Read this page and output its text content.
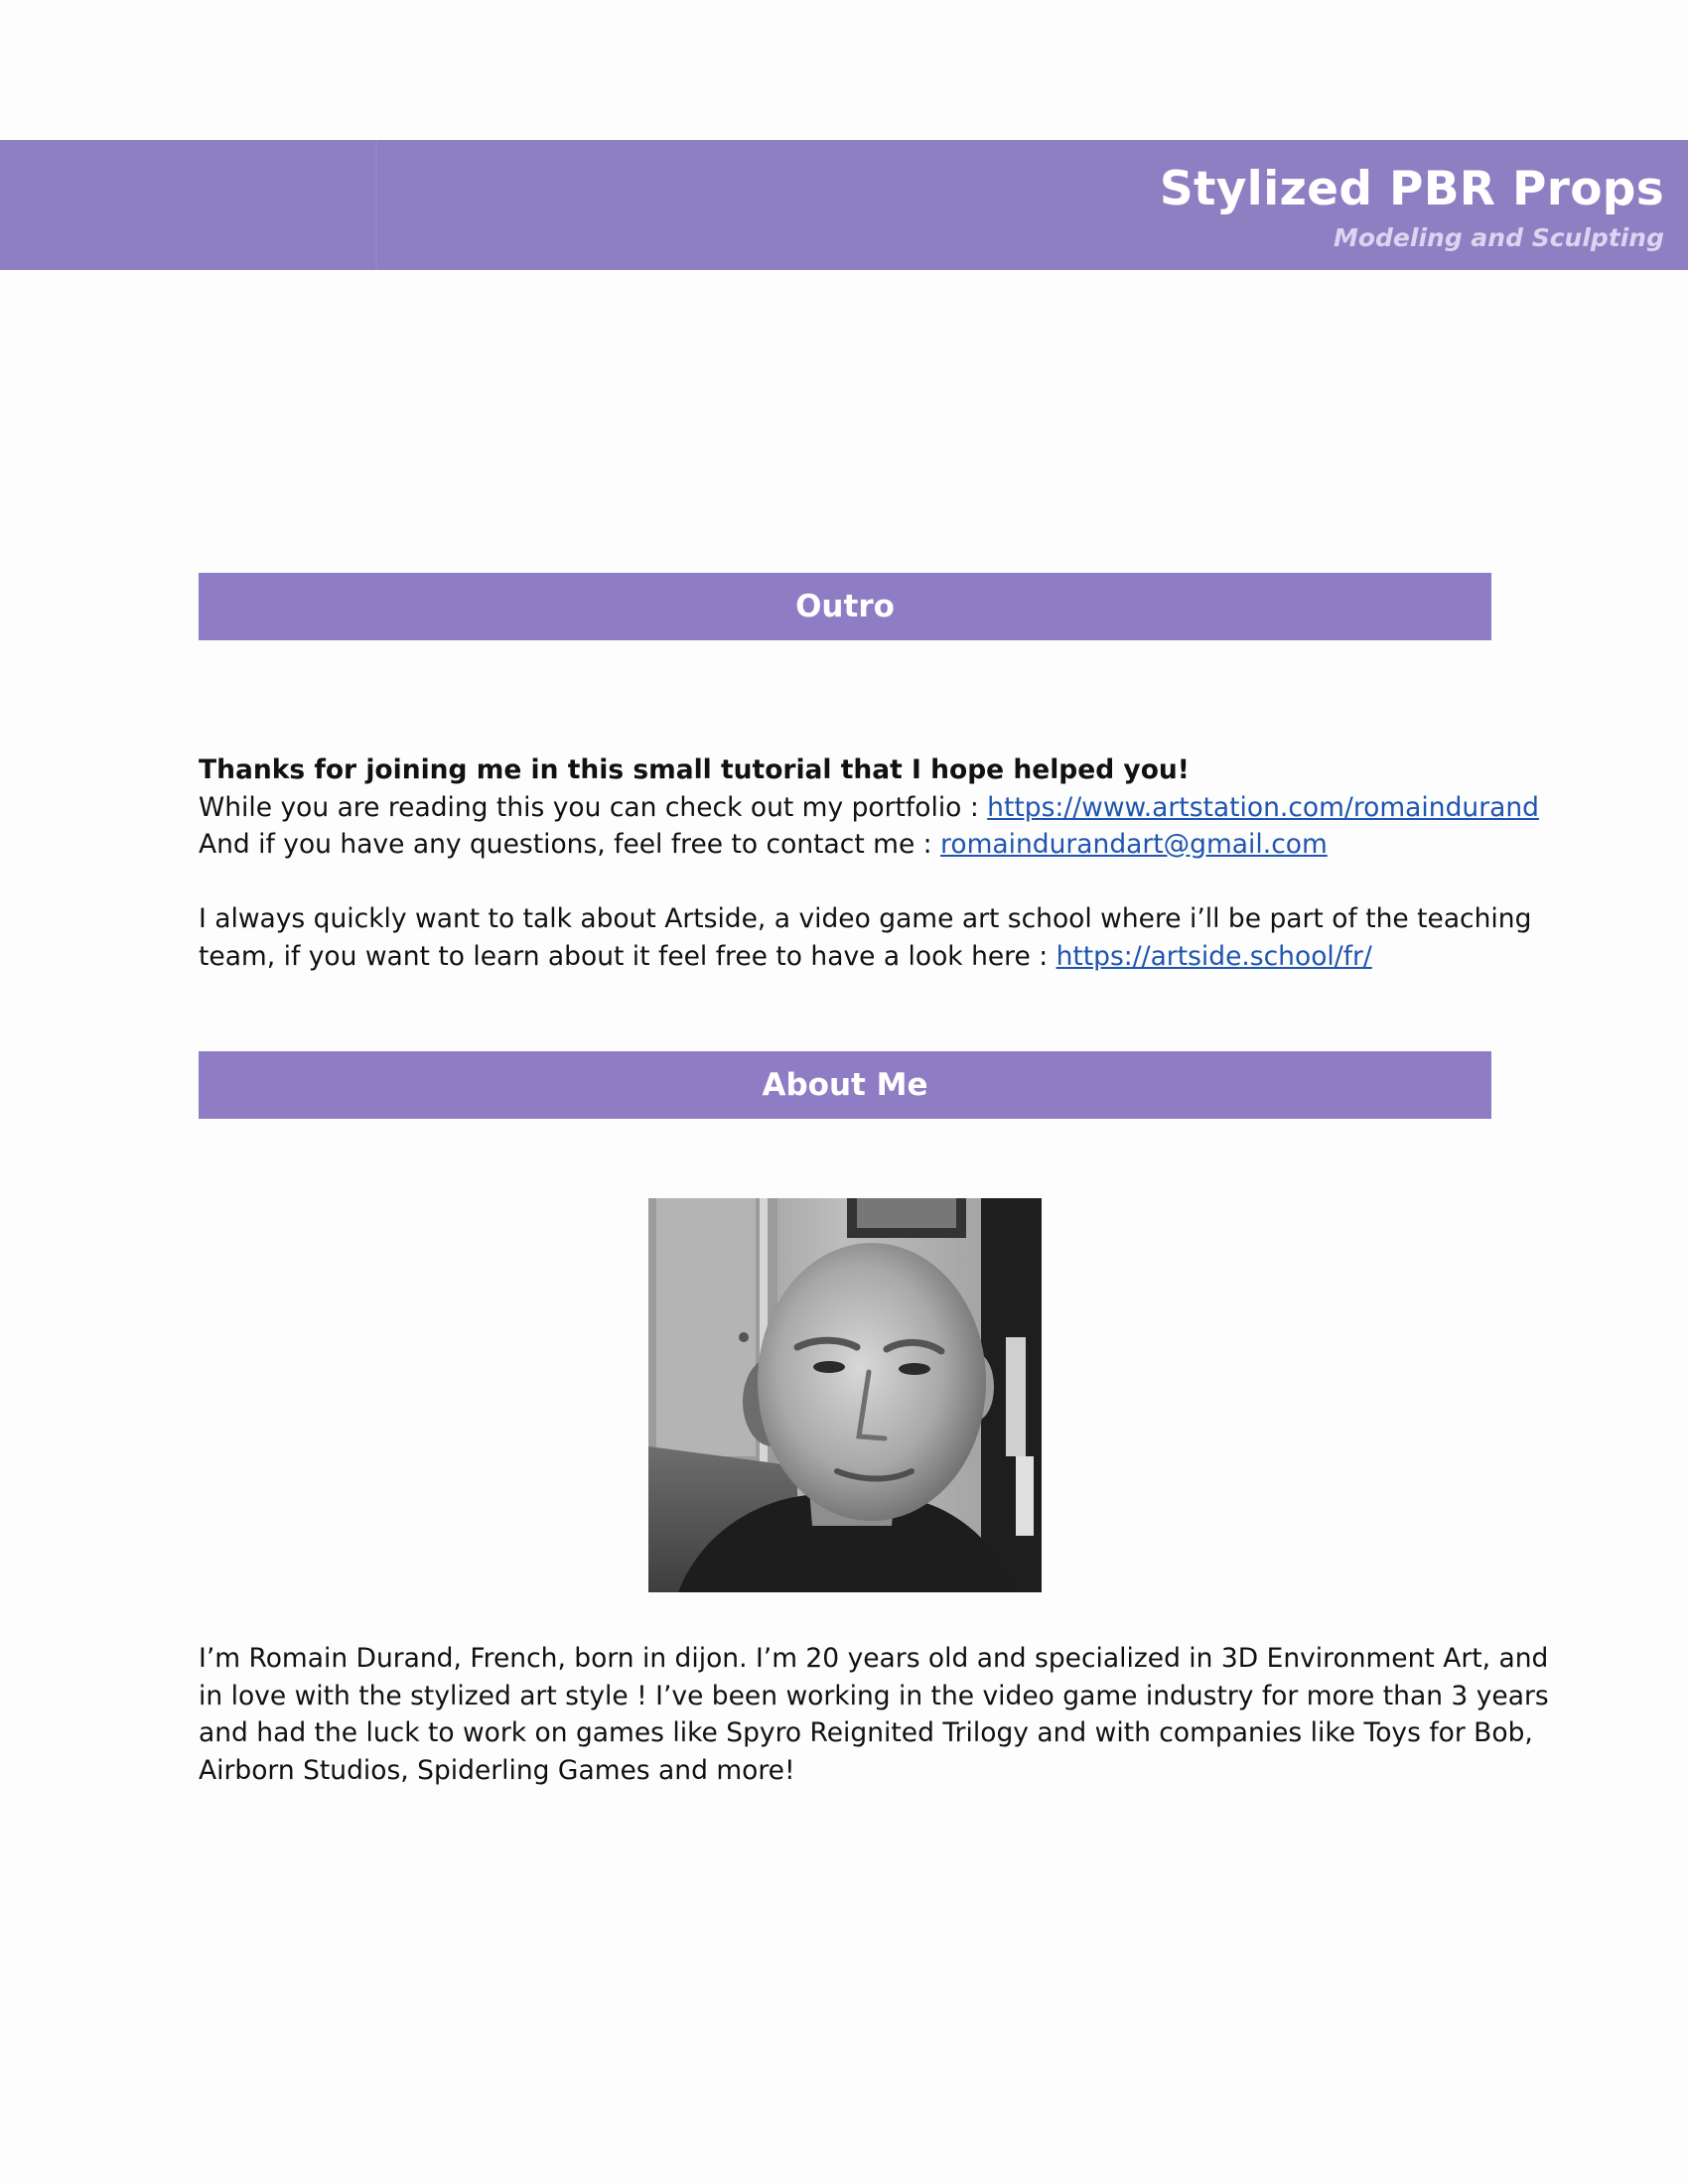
Stylized PBR Props
Modeling and Sculpting
Outro

Thanks for joining me in this small tutorial that I hope helped you!

While you are reading this you can check out my portfolio : https://www.artstation.com/romaindurand

And if you have any questions, feel free to contact me : romaindurandart@gmail.com

I always quickly want to talk about Artside, a video game art school where i’ll be part of the teaching

team, if you want to learn about it feel free to have a look here : https://artside.school/fr/

About Me

I’m Romain Durand, French, born in dijon. I’m 20 years old and specialized in 3D Environment Art, and

in love with the stylized art style ! I’ve been working in the video game industry for more than 3 years

and had the luck to work on games like Spyro Reignited Trilogy and with companies like Toys for Bob,

Airborn Studios, Spiderling Games and more!
